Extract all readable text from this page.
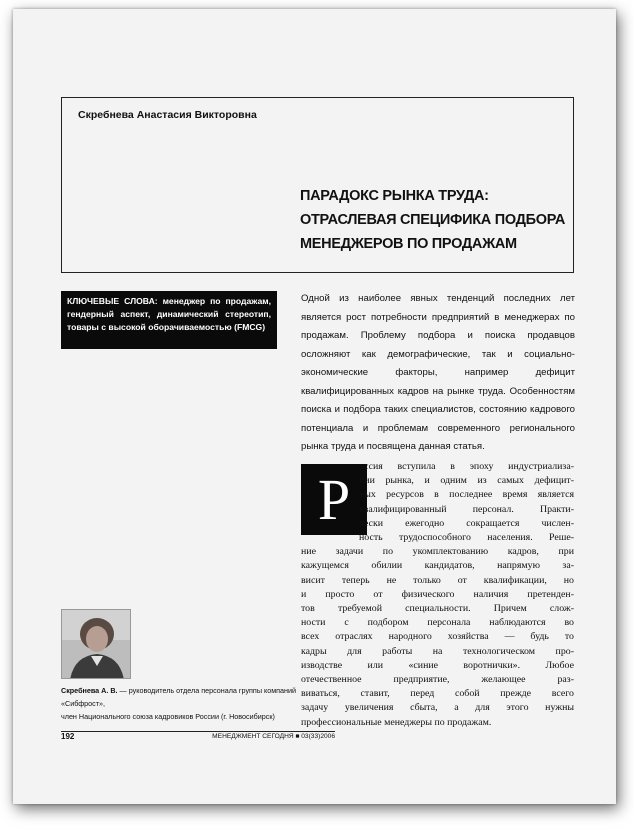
Скребнева Анастасия Викторовна
ПАРАДОКС РЫНКА ТРУДА:
ОТРАСЛЕВАЯ СПЕЦИФИКА ПОДБОРА
МЕНЕДЖЕРОВ ПО ПРОДАЖАМ
КЛЮЧЕВЫЕ СЛОВА: менеджер по продажам, гендерный аспект, динамический стереотип, товары с высокой оборачиваемостью (FMCG)
Одной из наиболее явных тенденций последних лет является рост потребности предприятий в менеджерах по продажам. Проблему подбора и поиска продавцов осложняют как демографические, так и социально-экономические факторы, например дефицит квалифицированных кадров на рынке труда. Особенностям поиска и подбора таких специалистов, состоянию кадрового потенциала и проблемам современного регионального рынка труда и посвящена данная статья.
Р
оссия вступила в эпоху индустриализа-
ции рынка, и одним из самых дефицит-
ных ресурсов в последнее время является
квалифицированный персонал. Практи-
чески ежегодно сокращается числен-
ность трудоспособного населения. Реше-
ние задачи по укомплектованию кадров, при
кажущемся обилии кандидатов, напрямую за-
висит теперь не только от квалификации, но
и просто от физического наличия претенден-
тов требуемой специальности. Причем слож-
ности с подбором персонала наблюдаются во
всех отраслях народного хозяйства — будь то
кадры для работы на технологическом про-
изводстве или «синие воротнички». Любое
отечественное предприятие, желающее раз-
виваться, ставит, перед собой прежде всего
задачу увеличения сбыта, а для этого нужны
профессиональные менеджеры по продажам.
Скребнева А. В. — руководитель отдела персонала группы компаний «Сибфрост»,
член Национального союза кадровиков России (г. Новосибирск)
192	МЕНЕДЖМЕНТ СЕГОДНЯ ■ 03(33)2006
